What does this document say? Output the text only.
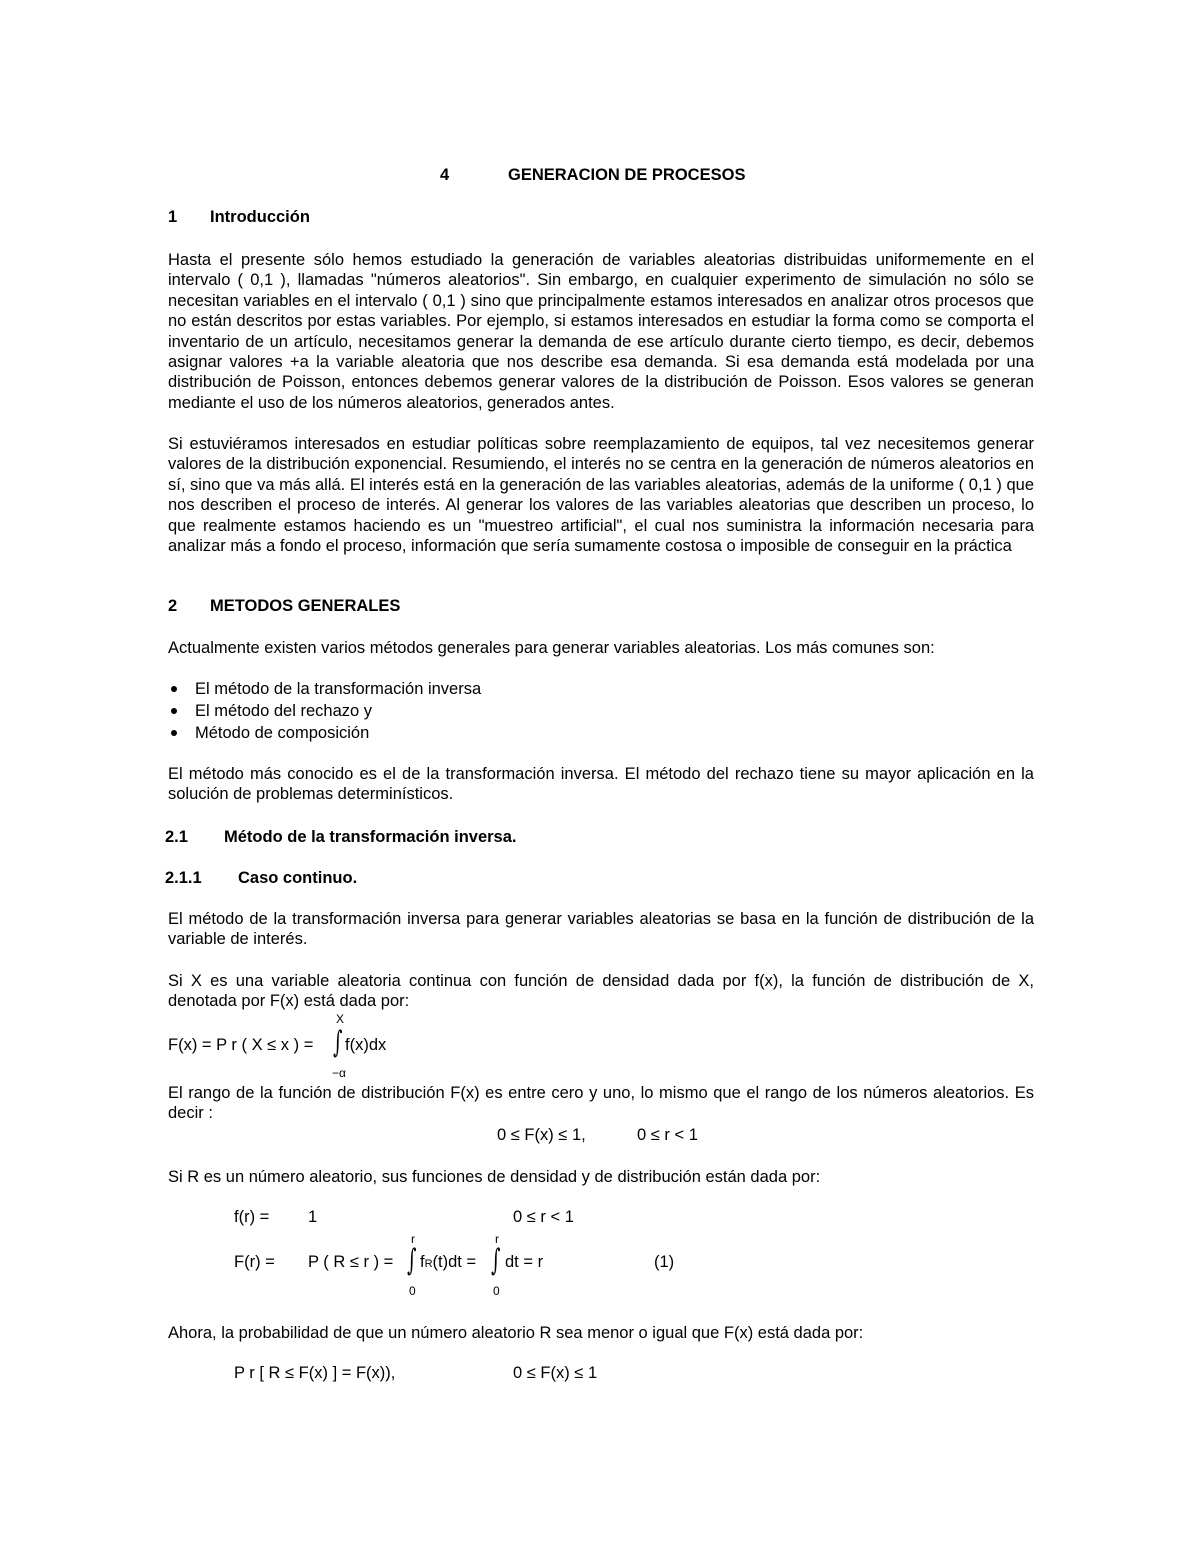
4	GENERACION DE PROCESOS
1 Introducción
Hasta el presente sólo hemos estudiado la generación de variables aleatorias distribuidas uniformemente en el intervalo ( 0,1 ), llamadas "números aleatorios". Sin embargo, en cualquier experimento de simulación no sólo se necesitan variables en el intervalo ( 0,1 ) sino que principalmente estamos interesados en analizar otros procesos que no están descritos por estas variables. Por ejemplo, si estamos interesados en estudiar la forma como se comporta el inventario de un artículo, necesitamos generar la demanda de ese artículo durante cierto tiempo, es decir, debemos asignar valores +a la variable aleatoria que nos describe esa demanda. Si esa demanda está modelada por una distribución de Poisson, entonces debemos generar valores de la distribución de Poisson. Esos valores se generan mediante el uso de los números aleatorios, generados antes.
Si estuviéramos interesados en estudiar políticas sobre reemplazamiento de equipos, tal vez necesitemos generar valores de la distribución exponencial. Resumiendo, el interés no se centra en la generación de números aleatorios en sí, sino que va más allá. El interés está en la generación de las variables aleatorias, además de la uniforme ( 0,1 ) que nos describen el proceso de interés. Al generar los valores de las variables aleatorias que describen un proceso, lo que realmente estamos haciendo es un "muestreo artificial", el cual nos suministra la información necesaria para analizar más a fondo el proceso, información que sería sumamente costosa o imposible de conseguir en la práctica
2 METODOS GENERALES
Actualmente existen varios métodos generales para generar variables aleatorias. Los más comunes son:
El método de la transformación inversa
El método del rechazo y
Método de composición
El método más conocido es el de la transformación inversa. El método del rechazo tiene su mayor aplicación en la solución de problemas determinísticos.
2.1 Método de la transformación inversa.
2.1.1 Caso continuo.
El método de la transformación inversa para generar variables aleatorias se basa en la función de distribución de la variable de interés.
Si X es una variable aleatoria continua con función de densidad dada por f(x), la función de distribución de X, denotada por F(x) está dada por:
F(x) = P r ( X ≤ x ) =
X
∫ f(x)dx
−α
El rango de la función de distribución F(x) es entre cero y uno, lo mismo que el rango de los números aleatorios. Es decir :
0 ≤ F(x) ≤ 1,	0 ≤ r < 1
Si R es un número aleatorio, sus funciones de densidad y de distribución están dada por:
f(r) = 1	0 ≤ r < 1
F(r) = P ( R ≤ r ) =
r
∫ fR(t)dt =
0
r
∫ dt = r
0
(1)
Ahora, la probabilidad de que un número aleatorio R sea menor o igual que F(x) está dada por:
P r [ R ≤ F(x) ] = F(x)),	0 ≤ F(x) ≤ 1
